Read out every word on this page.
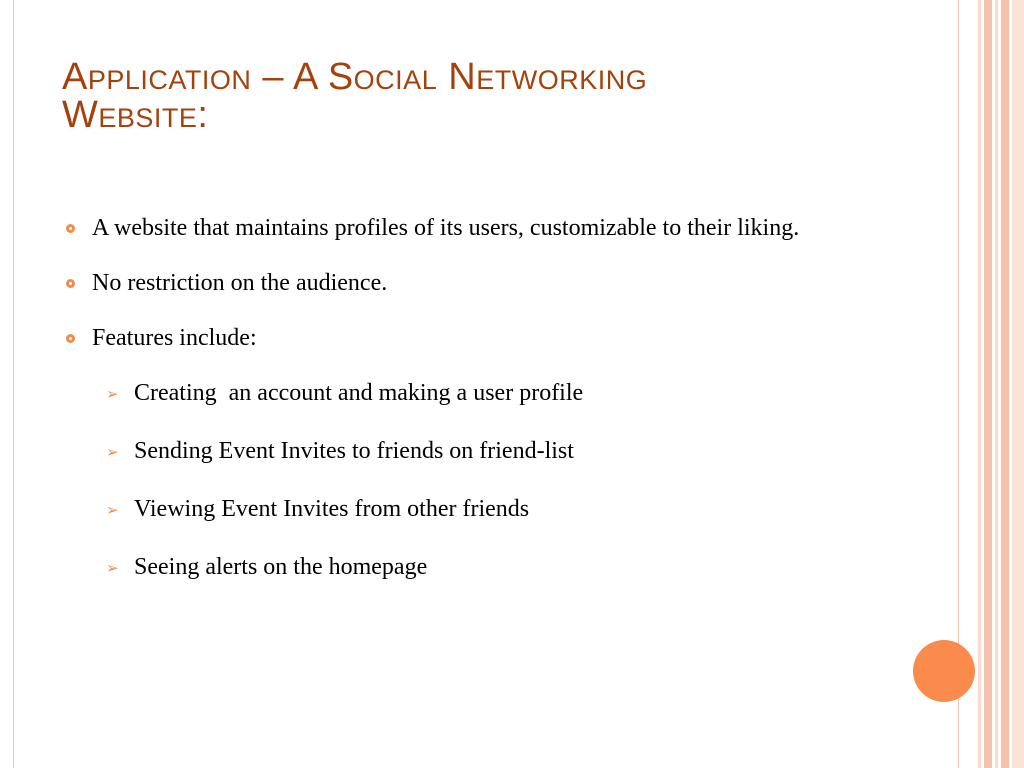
Application – A Social Networking
Website:
A website that maintains profiles of its users, customizable to their liking.
No restriction on the audience.
Features include:
➢ Creating  an account and making a user profile
➢ Sending Event Invites to friends on friend-list
➢ Viewing Event Invites from other friends
➢ Seeing alerts on the homepage
